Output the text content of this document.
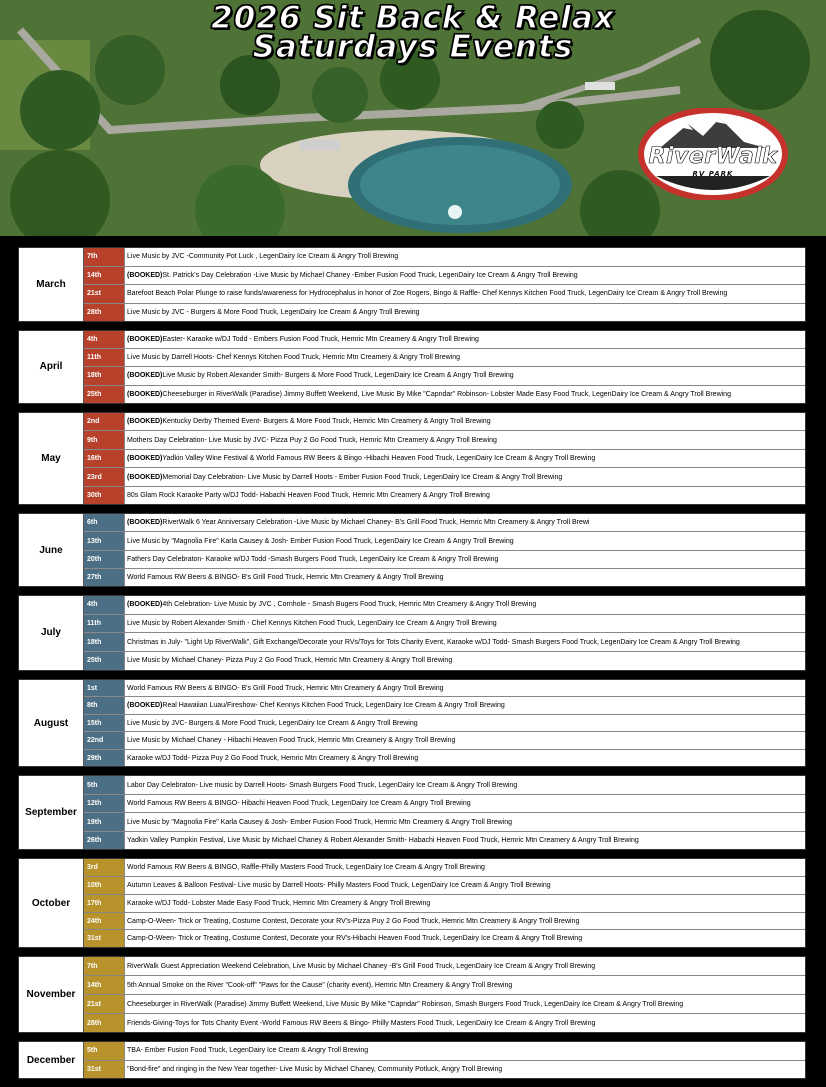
2026 Sit Back & Relax
Saturdays Events
RiverWalk
RV PARK
March
7th	Live Music by JVC -Community Pot Luck , LegenDairy Ice Cream & Angry Troll Brewing
14th	(BOOKED) St. Patrick's Day Celebration -Live Music by Michael Chaney -Ember Fusion Food Truck, LegenDairy Ice Cream & Angry Troll Brewing
21st	Barefoot Beach Polar Plunge to raise funds/awareness for Hydrocephalus in honor of Zoe Rogers, Bingo & Raffle- Chef Kennys Kitchen Food Truck, LegenDairy Ice Cream & Angry Troll Brewing
28th	Live Music by JVC - Burgers & More Food Truck, LegenDairy Ice Cream & Angry Troll Brewing
April
4th	(BOOKED) Easter- Karaoke w/DJ Todd - Embers Fusion Food Truck, Hemric Mtn Creamery & Angry Troll Brewing
11th	Live Music by Darrell Hoots- Chef Kennys Kitchen Food Truck, Hemric Mtn Creamery & Angry Troll Brewing
18th	(BOOKED) Live Music by Robert Alexander Smith- Burgers & More Food Truck, LegenDairy Ice Cream & Angry Troll Brewing
25th	(BOOKED) Cheeseburger in RiverWalk (Paradise) Jimmy Buffett Weekend, Live Music By Mike "Capndar" Robinson- Lobster Made Easy Food Truck, LegenDairy Ice Cream & Angry Troll Brewing
May
2nd	(BOOKED) Kentucky Derby Themed Event- Burgers & More Food Truck, Hemric Mtn Creamery & Angry Troll Brewing
9th	Mothers Day Celebration- Live Music by JVC- Pizza Puy 2 Go Food Truck, Hemric Mtn Creamery & Angry Troll Brewing
16th	(BOOKED) Yadkin Valley Wine Festival & World Famous RW Beers & Bingo -Hibachi Heaven Food Truck, LegenDairy Ice Cream & Angry Troll Brewing
23rd	(BOOKED) Memorial Day Celebration- Live Music by Darrell Hoots - Ember Fusion Food Truck, LegenDairy Ice Cream & Angry Troll Brewing
30th	80s Glam Rock Karaoke Party w/DJ Todd- Habachi Heaven Food Truck, Hemric Mtn Creamery & Angry Troll Brewing
June
6th	(BOOKED) RiverWalk 6 Year Anniversary Celebration -Live Music by Michael Chaney- B's Grill Food Truck, Hemric Mtn Creamery & Angry Troll Brewi
13th	Live Music by "Magnolia Fire" Karla Causey & Josh- Ember Fusion Food Truck, LegenDairy Ice Cream & Angry Troll Brewing
20th	Fathers Day Celebraton- Karaoke w/DJ Todd -Smash Burgers Food Truck, LegenDairy Ice Cream & Angry Troll Brewing
27th	World Famous RW Beers & BINGO- B's Grill Food Truck, Hemric Mtn Creamery & Angry Troll Brewing
July
4th	(BOOKED) 4th Celebration- Live Music by JVC , Cornhole - Smash Bugers Food Truck, Hemric Mtn Creamery & Angry Troll Brewing
11th	Live Music by Robert Alexander Smith - Chef Kennys Kitchen Food Truck, LegenDairy Ice Cream & Angry Troll Brewing
18th	Christmas in July- "Light Up RiverWalk", Gift Exchange/Decorate your RVs/Toys for Tots Charity Event, Karaoke w/DJ Todd- Smash Burgers Food Truck, LegenDairy Ice Cream & Angry Troll Brewing
25th	Live Music by Michael Chaney- Pizza Puy 2 Go Food Truck, Hemric Mtn Creamery & Angry Troll Brewing
August
1st	World Famous RW Beers & BINGO- B's Grill Food Truck, Hemric Mtn Creamery & Angry Troll Brewing
8th	(BOOKED) Real Hawaiian Luau/Fireshow- Chef Kennys Kitchen Food Truck, LegenDairy Ice Cream & Angry Troll Brewing
15th	Live Music by JVC- Burgers & More Food Truck, LegenDairy Ice Cream & Angry Troll Brewing
22nd	Live Music by Michael Chaney - Hibachi Heaven Food Truck, Hemric Mtn Creamery & Angry Troll Brewing
29th	Karaoke w/DJ Todd- Pizza Puy 2 Go Food Truck, Hemric Mtn Creamery & Angry Troll Brewing
September
5th	Labor Day Celebraton- Live music by Darrell Hoots- Smash Burgers Food Truck, LegenDairy Ice Cream & Angry Troll Brewing
12th	World Famous RW Beers & BINGO- Hibachi Heaven Food Truck, LegenDairy Ice Cream & Angry Troll Brewing
19th	Live Music by "Magnolia Fire" Karla Causey & Josh- Ember Fusion Food Truck, Hemric Mtn Creamery & Angry Troll Brewing
26th	Yadkin Valley Pumpkin Festival, Live Music by Michael Chaney & Robert Alexander Smith- Habachi Heaven Food Truck, Hemric Mtn Creamery & Angry Troll Brewing
October
3rd	World Famous RW Beers & BINGO, Raffle-Philly Masters Food Truck, LegenDairy Ice Cream & Angry Troll Brewing
10th	Autumn Leaves & Balloon Festival- Live music by Darrell Hoots- Philly Masters Food Truck, LegenDairy Ice Cream & Angry Troll Brewing
17th	Karaoke w/DJ Todd- Lobster Made Easy Food Truck, Hemric Mtn Creamery & Angry Troll Brewing
24th	Camp-O-Ween- Trick or Treating, Costume Contest, Decorate your RV's-Pizza Puy 2 Go Food Truck, Hemric Mtn Creamery & Angry Troll Brewing
31st	Camp-O-Ween- Trick or Treating, Costume Contest, Decorate your RV's-Hibachi Heaven Food Truck, LegenDairy Ice Cream & Angry Troll Brewing
November
7th	RiverWalk Guest Appreciation Weekend Celebration, Live Music by Michael Chaney -B's Grill Food Truck, LegenDairy Ice Cream & Angry Troll Brewing
14th	5th Annual Smoke on the River "Cook-off" "Paws for the Cause" (charity event), Hemric Mtn Creamery & Angry Troll Brewing
21st	Cheeseburger in RiverWalk (Paradise) Jimmy Buffett Weekend, Live Music By Mike "Capndar" Robinson, Smash Burgers Food Truck, LegenDairy Ice Cream & Angry Troll Brewing
28th	Friends-Giving-Toys for Tots Charity Event -World Famous RW Beers & Bingo- Philly Masters Food Truck, LegenDairy Ice Cream & Angry Troll Brewing
December
5th	TBA- Ember Fusion Food Truck, LegenDairy Ice Cream & Angry Troll Brewing
31st	"Bond-fire" and ringing in the New Year together- Live Music by Michael Chaney, Community Potluck, Angry Troll Brewing
